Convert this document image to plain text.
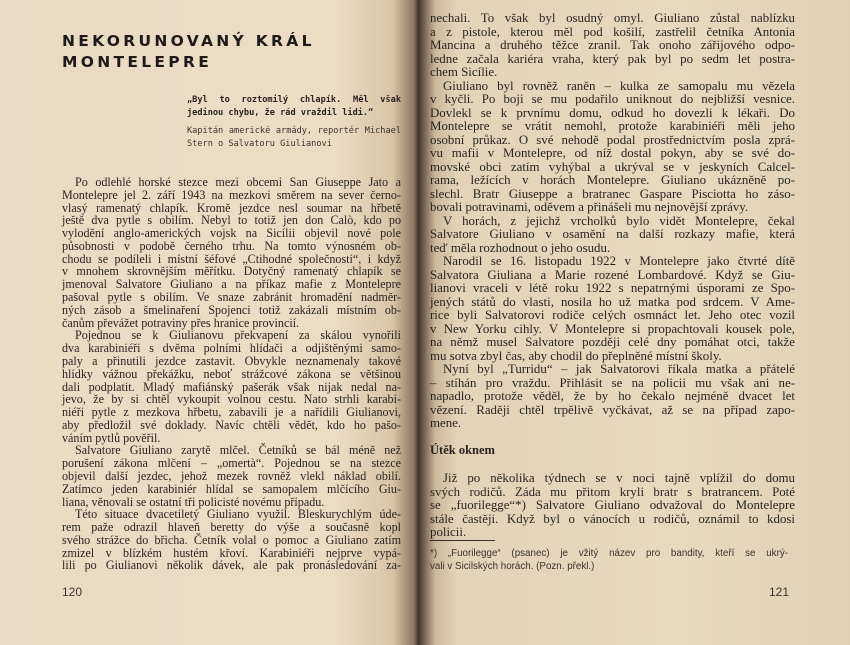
NEKORUNOVANÝ KRÁL
MONTELEPRE
„Byl to roztomilý chlapík. Měl však jedinou chybu, že rád vraždil lidi.“
Kapitán americké armády, reportér Michael Stern o Salvatoru Giulianovi
120
Po odlehlé horské stezce mezi obcemi San Giuseppe Jato a
Montelepre jel 2. září 1943 na mezkovi směrem na sever černo-
vlasý ramenatý chlapík. Kromě jezdce nesl soumar na hřbetě
ještě dva pytle s obilím. Nebyl to totiž jen don Calò, kdo po
vylodění anglo-amerických vojsk na Sicílii objevil nové pole
působnosti v podobě černého trhu. Na tomto výnosném ob-
chodu se podíleli i místní šéfové „Ctihodné společnosti“, i když
v mnohem skrovnějším měřítku. Dotyčný ramenatý chlapík se
jmenoval Salvatore Giuliano a na příkaz mafie z Montelepre
pašoval pytle s obilím. Ve snaze zabránit hromadění nadměr-
ných zásob a šmelinaření Spojenci totiž zakázali místním ob-
čanům převážet potraviny přes hranice provincií.
Pojednou se k Giulianovu překvapení za skálou vynořili
dva karabiniéři s dvěma polními hlídači a odjištěnými samo-
paly a přinutili jezdce zastavit. Obvykle neznamenaly takové
hlídky vážnou překážku, neboť strážcové zákona se většinou
dali podplatit. Mladý mafiánský pašerák však nijak nedal na-
jevo, že by si chtěl vykoupit volnou cestu. Nato strhli karabi-
niéři pytle z mezkova hřbetu, zabavili je a nařídili Giulianovi,
aby předložil své doklady. Navíc chtěli vědět, kdo ho pašo-
váním pytlů pověřil.
Salvatore Giuliano zarytě mlčel. Četníků se bál méně než
porušení zákona mlčení – „omertà“. Pojednou se na stezce
objevil další jezdec, jehož mezek rovněž vlekl náklad obilí.
Zatímco jeden karabiniér hlídal se samopalem mlčícího Giu-
liana, věnovali se ostatní tři policisté novému případu.
Této situace dvacetiletý Giuliano využil. Bleskurychlým úde-
rem paže odrazil hlaveň beretty do výše a současně kopl
svého strážce do břicha. Četník volal o pomoc a Giuliano zatím
zmizel v blízkém hustém křoví. Karabiniéři nejprve vypá-
lili po Giulianovi několik dávek, ale pak pronásledování za-
nechali. To však byl osudný omyl. Giuliano zůstal nablízku
a z pistole, kterou měl pod košilí, zastřelil četníka Antonia
Mancina a druhého těžce zranil. Tak onoho zářijového odpo-
ledne začala kariéra vraha, který pak byl po sedm let postra-
chem Sicílie.
Giuliano byl rovněž raněn – kulka ze samopalu mu vězela
v kyčli. Po boji se mu podařilo uniknout do nejbližší vesnice.
Dovlekl se k prvnímu domu, odkud ho dovezli k lékaři. Do
Montelepre se vrátit nemohl, protože karabiniéři měli jeho
osobní průkaz. O své nehodě podal prostřednictvím posla zprá-
vu mafii v Montelepre, od níž dostal pokyn, aby se své do-
movské obci zatím vyhýbal a ukrýval se v jeskyních Calcel-
rama, ležících v horách Montelepre. Giuliano ukázněně po-
slechl. Bratr Giuseppe a bratranec Gaspare Pisciotta ho záso-
bovali potravinami, oděvem a přinášeli mu nejnovější zprávy.
V horách, z jejichž vrcholků bylo vidět Montelepre, čekal
Salvatore Giuliano v osamění na další rozkazy mafie, která
teď měla rozhodnout o jeho osudu.
Narodil se 16. listopadu 1922 v Montelepre jako čtvrté dítě
Salvatora Giuliana a Marie rozené Lombardové. Když se Giu-
lianovi vraceli v létě roku 1922 s nepatrnými úsporami ze Spo-
jených států do vlasti, nosila ho už matka pod srdcem. V Ame-
rice byli Salvatorovi rodiče celých osmnáct let. Jeho otec vozil
v New Yorku cihly. V Montelepre si propachtovali kousek pole,
na němž musel Salvatore později celé dny pomáhat otci, takže
mu sotva zbyl čas, aby chodil do přeplněné místní školy.
Nyní byl „Turridu“ – jak Salvatorovi říkala matka a přátelé
– stíhán pro vraždu. Přihlásit se na policii mu však ani ne-
napadlo, protože věděl, že by ho čekalo nejméně dvacet let
vězení. Raději chtěl trpělivě vyčkávat, až se na případ zapo-
mene.
Útěk oknem
Již po několika týdnech se v noci tajně vplížil do domu
svých rodičů. Záda mu přitom kryli bratr s bratrancem. Poté
se „fuorilegge“*) Salvatore Giuliano odvažoval do Montelepre
stále častěji. Když byl o vánocích u rodičů, oznámil to kdosi
policii.
*) „Fuorilegge“ (psanec) je vžitý název pro bandity, kteří se ukrý-
vali v Sicilských horách. (Pozn. překl.)
121
